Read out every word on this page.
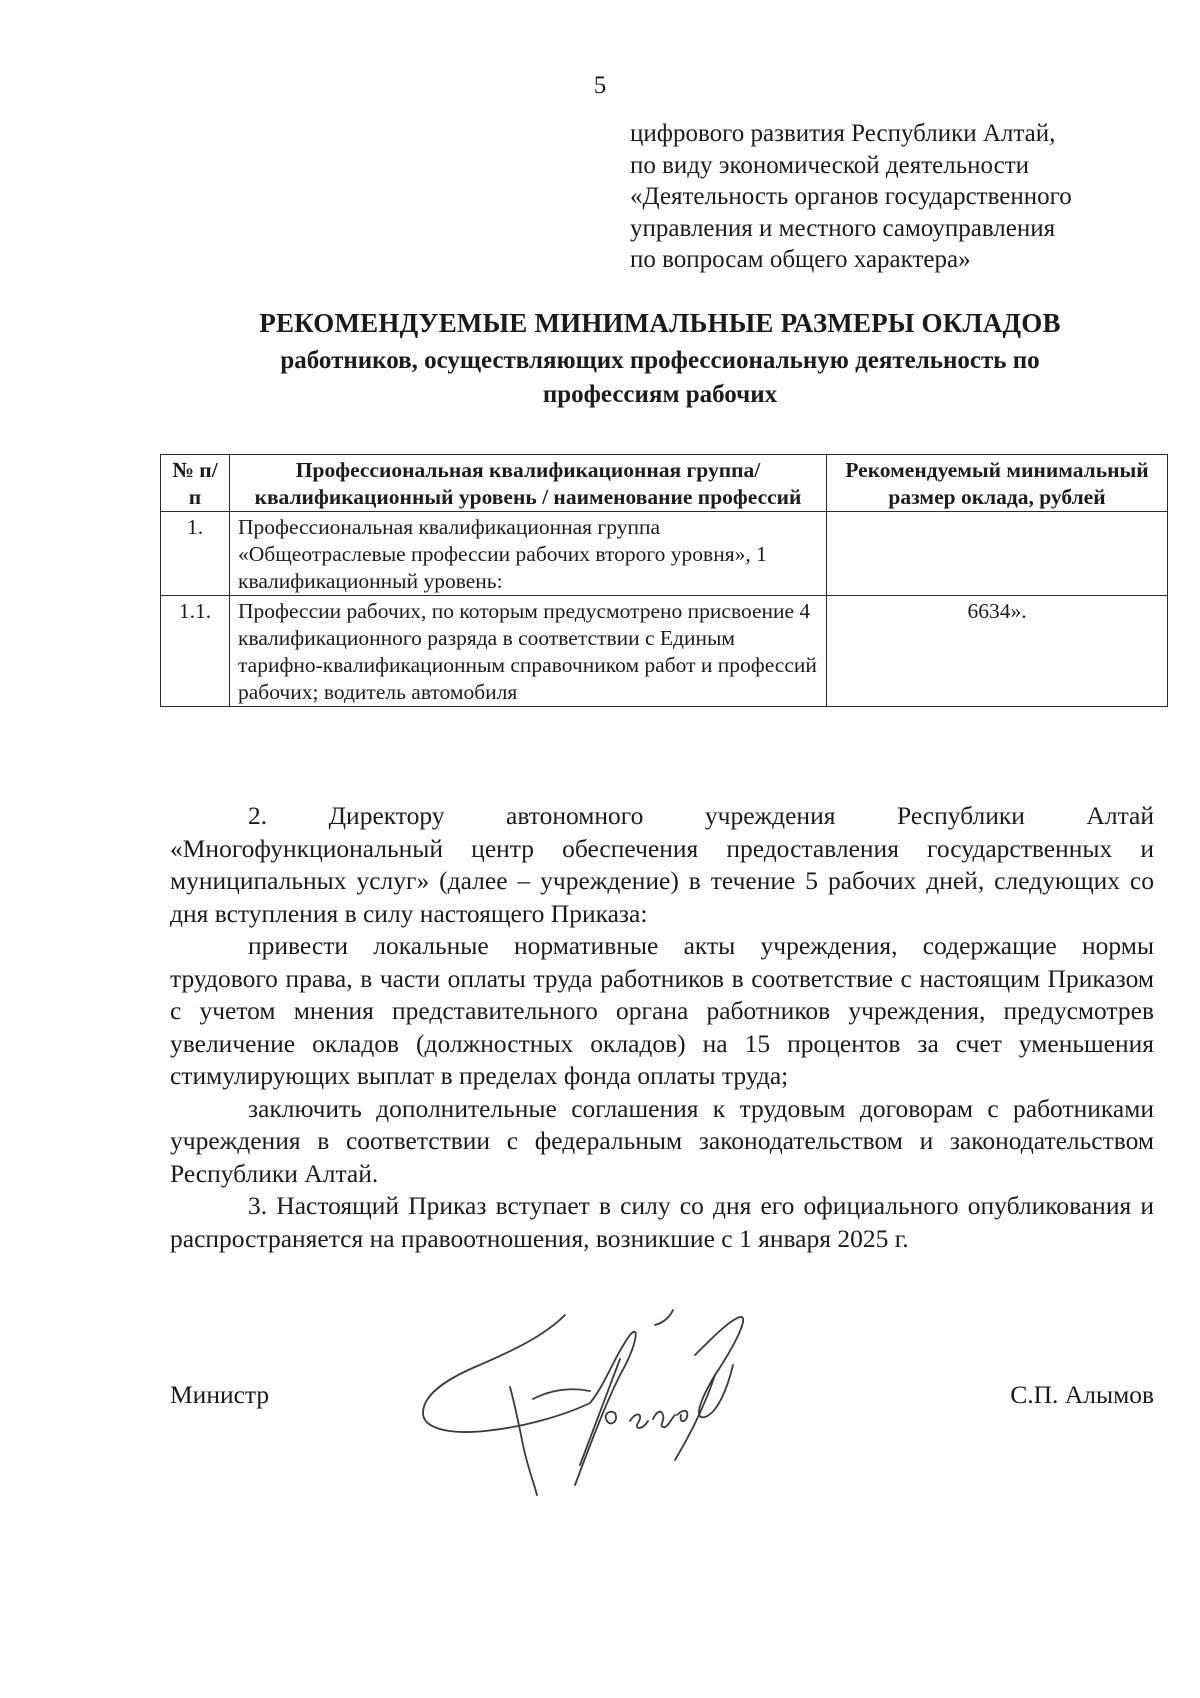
5
цифрового развития Республики Алтай,
по виду экономической деятельности
«Деятельность органов государственного
управления и местного самоуправления
по вопросам общего характера»
РЕКОМЕНДУЕМЫЕ МИНИМАЛЬНЫЕ РАЗМЕРЫ ОКЛАДОВ
работников, осуществляющих профессиональную деятельность по
профессиям рабочих
№ п/п	Профессиональная квалификационная группа/квалификационный уровень / наименование профессий	Рекомендуемый минимальный размер оклада, рублей
1.	Профессиональная квалификационная группа «Общеотраслевые профессии рабочих второго уровня», 1 квалификационный уровень:	
1.1.	Профессии рабочих, по которым предусмотрено присвоение 4 квалификационного разряда в соответствии с Единым тарифно-квалификационным справочником работ и профессий рабочих; водитель автомобиля	6634».

2. Директору автономного учреждения Республики Алтай «Многофункциональный центр обеспечения предоставления государственных и муниципальных услуг» (далее – учреждение) в течение 5 рабочих дней, следующих со дня вступления в силу настоящего Приказа:

привести локальные нормативные акты учреждения, содержащие нормы трудового права, в части оплаты труда работников в соответствие с настоящим Приказом с учетом мнения представительного органа работников учреждения, предусмотрев увеличение окладов (должностных окладов) на 15 процентов за счет уменьшения стимулирующих выплат в пределах фонда оплаты труда;

заключить дополнительные соглашения к трудовым договорам с работниками учреждения в соответствии с федеральным законодательством и законодательством Республики Алтай.

3. Настоящий Приказ вступает в силу со дня его официального опубликования и распространяется на правоотношения, возникшие с 1 января 2025 г.

Министр	С.П. Алымов
